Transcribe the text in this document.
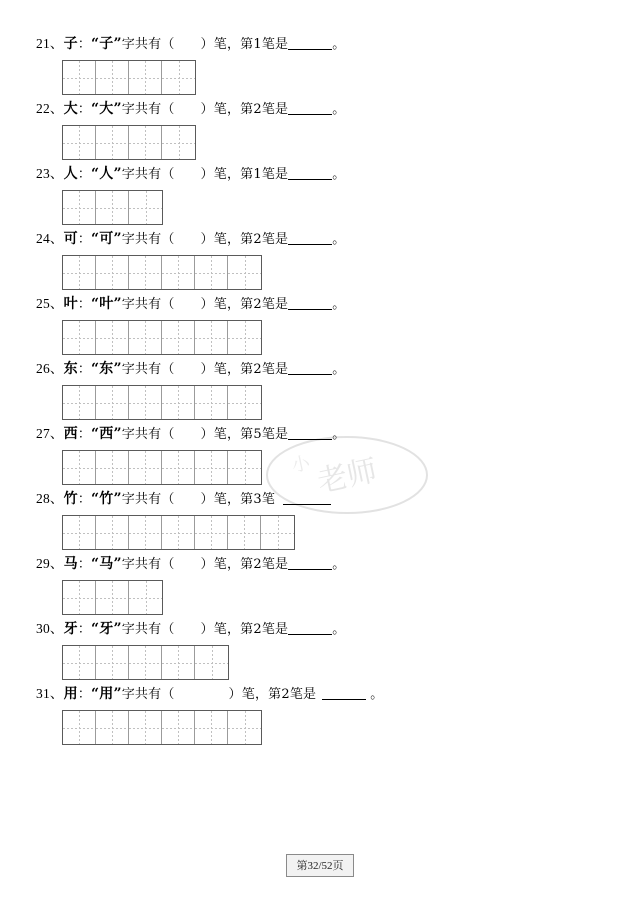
老师
小
21、子：“子”字共有（ ）笔，第1笔是	。
22、大：“大”字共有（ ）笔，第2笔是	。
23、人：“人”字共有（ ）笔，第1笔是	。
24、可：“可”字共有（ ）笔，第2笔是	。
25、叶：“叶”字共有（ ）笔，第2笔是	。
26、东：“东”字共有（ ）笔，第2笔是	。
27、西：“西”字共有（ ）笔，第5笔是	。
28、竹：“竹”字共有（ ）笔，第3笔
29、马：“马”字共有（ ）笔，第2笔是	。
30、牙：“牙”字共有（ ）笔，第2笔是	。
31、用：“用”字共有（	）笔，第2笔是	。
第32/52页
